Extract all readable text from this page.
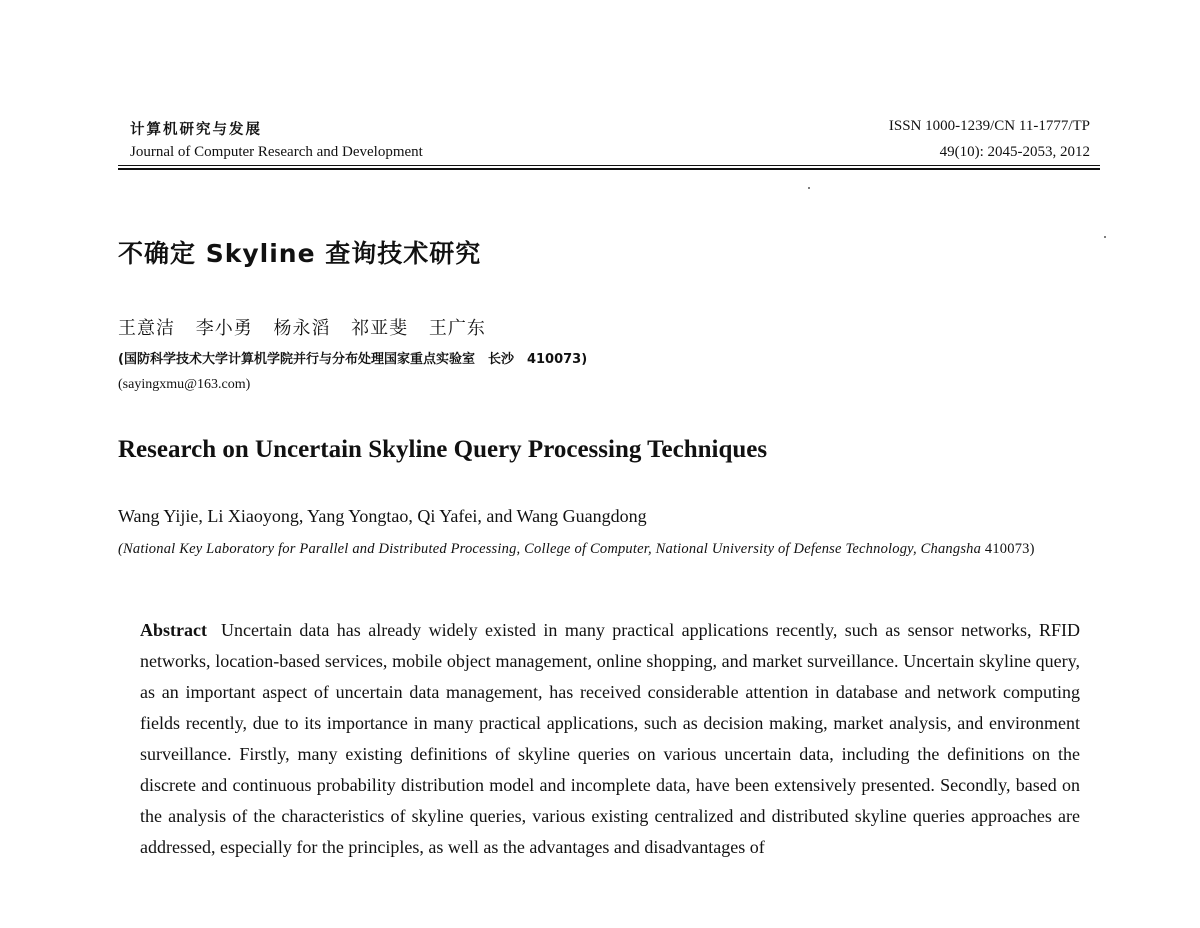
计算机研究与发展
Journal of Computer Research and Development
ISSN 1000-1239/CN 11-1777/TP
49(10): 2045-2053, 2012
不确定 Skyline 查询技术研究
王意洁 李小勇 杨永滔 祁亚斐 王广东
(国防科学技术大学计算机学院并行与分布处理国家重点实验室　长沙　410073)
(sayingxmu@163.com)
Research on Uncertain Skyline Query Processing Techniques
Wang Yijie, Li Xiaoyong, Yang Yongtao, Qi Yafei, and Wang Guangdong
(National Key Laboratory for Parallel and Distributed Processing, College of Computer, National University of Defense Technology, Changsha 410073)
Abstract Uncertain data has already widely existed in many practical applications recently, such as sensor networks, RFID networks, location-based services, mobile object management, online shopping, and market surveillance. Uncertain skyline query, as an important aspect of uncertain data management, has received considerable attention in database and network computing fields recently, due to its importance in many practical applications, such as decision making, market analysis, and environment surveillance. Firstly, many existing definitions of skyline queries on various uncertain data, including the definitions on the discrete and continuous probability distribution model and incomplete data, have been extensively presented. Secondly, based on the analysis of the characteristics of skyline queries, various existing centralized and distributed skyline queries approaches are addressed, especially for the principles, as well as the advantages and disadvantages of
